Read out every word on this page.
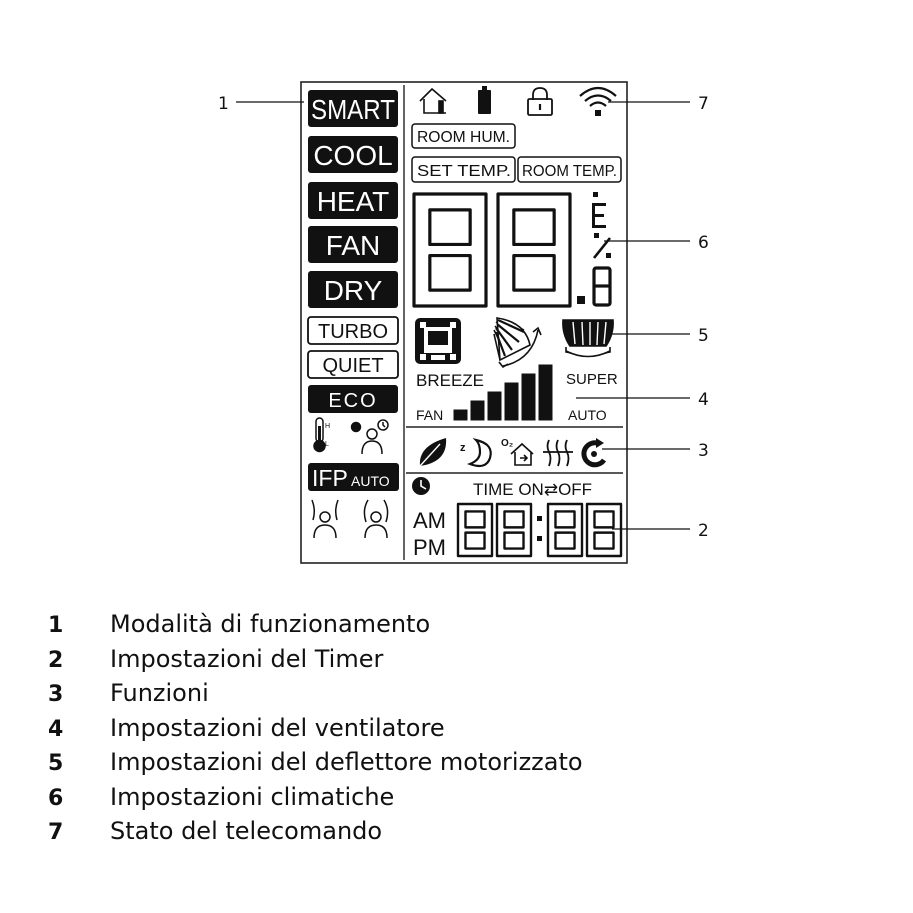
SMART
COOL
HEAT
FAN
DRY
TURBO
QUIET
ECO
H
L
IFP AUTO
ROOM HUM.
SET TEMP. ROOM TEMP.
BREEZE	SUPER
FAN	AUTO
z	O₂
TIME ON⇄OFF
AM
PM
1	7
6
5
4
3
2
1	Modalità di funzionamento
2	Impostazioni del Timer
3	Funzioni
4	Impostazioni del ventilatore
5	Impostazioni del deflettore motorizzato
6	Impostazioni climatiche
7	Stato del telecomando
